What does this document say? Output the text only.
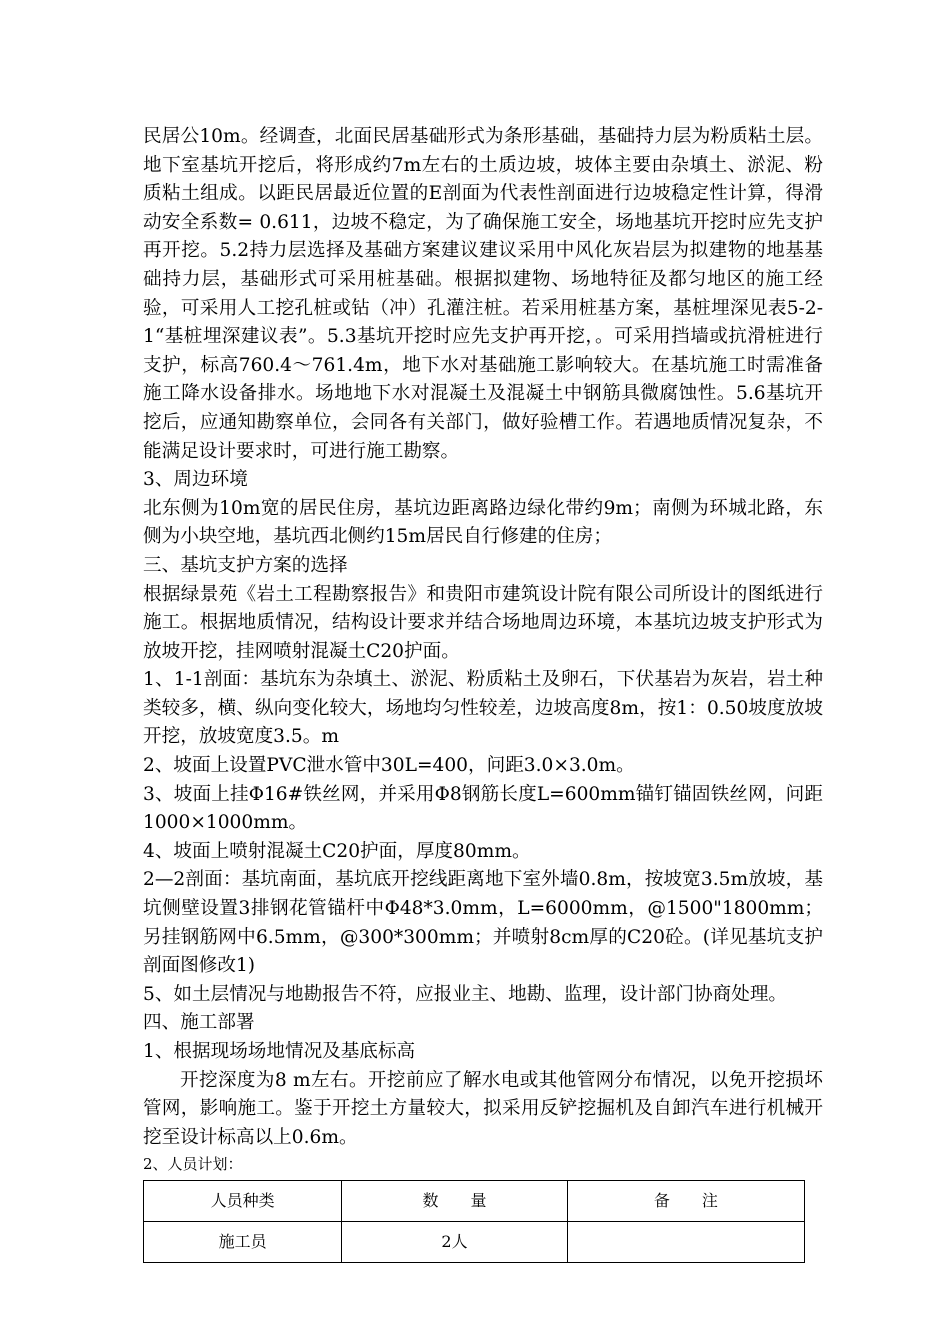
民居公10m。经调查，北面民居基础形式为条形基础，基础持力层为粉质粘土层。地下室基坑开挖后，将形成约7m左右的土质边坡，坡体主要由杂填土、淤泥、粉质粘土组成。以距民居最近位置的E剖面为代表性剖面进行边坡稳定性计算，得滑动安全系数= 0.611，边坡不稳定，为了确保施工安全，场地基坑开挖时应先支护再开挖。5.2持力层选择及基础方案建议建议采用中风化灰岩层为拟建物的地基基础持力层，基础形式可采用桩基础。根据拟建物、场地特征及都匀地区的施工经验，可采用人工挖孔桩或钻（冲）孔灌注桩。若采用桩基方案，基桩埋深见表5-2-1“基桩埋深建议表”。5.3基坑开挖时应先支护再开挖，。可采用挡墙或抗滑桩进行支护，标高760.4～761.4m，地下水对基础施工影响较大。在基坑施工时需准备施工降水设备排水。场地地下水对混凝土及混凝土中钢筋具微腐蚀性。5.6基坑开挖后，应通知勘察单位，会同各有关部门，做好验槽工作。若遇地质情况复杂，不能满足设计要求时，可进行施工勘察。

3、周边环境

北东侧为10m宽的居民住房，基坑边距离路边绿化带约9m；南侧为环城北路，东侧为小块空地，基坑西北侧约15m居民自行修建的住房；

三、基坑支护方案的选择

根据绿景苑《岩土工程勘察报告》和贵阳市建筑设计院有限公司所设计的图纸进行施工。根据地质情况，结构设计要求并结合场地周边环境，本基坑边坡支护形式为放坡开挖，挂网喷射混凝土C20护面。

1、1-1剖面：基坑东为杂填土、淤泥、粉质粘土及卵石，下伏基岩为灰岩，岩土种类较多，横、纵向变化较大，场地均匀性较差，边坡高度8m，按1：0.50坡度放坡开挖，放坡宽度3.5。m

2、坡面上设置PVC泄水管中30L=400，问距3.0×3.0m。

3、坡面上挂Φ16#铁丝网，并采用Φ8钢筋长度L=600mm锚钉锚固铁丝网，问距1000×1000mm。

4、坡面上喷射混凝土C20护面，厚度80mm。

2—2剖面：基坑南面，基坑底开挖线距离地下室外墙0.8m，按坡宽3.5m放坡，基坑侧壁设置3排钢花管锚杆中Φ48*3.0mm，L=6000mm，@1500"1800mm；另挂钢筋网中6.5mm，@300*300mm；并喷射8cm厚的C20砼。(详见基坑支护剖面图修改1)

5、如土层情况与地勘报告不符，应报业主、地勘、监理，设计部门协商处理。

四、施工部署

1、根据现场场地情况及基底标高

开挖深度为8 m左右。开挖前应了解水电或其他管网分布情况，以免开挖损坏管网，影响施工。鉴于开挖土方量较大，拟采用反铲挖掘机及自卸汽车进行机械开挖至设计标高以上0.6m。

2、人员计划：

人员种类	数　　量	备　　注
施工员	2人	
